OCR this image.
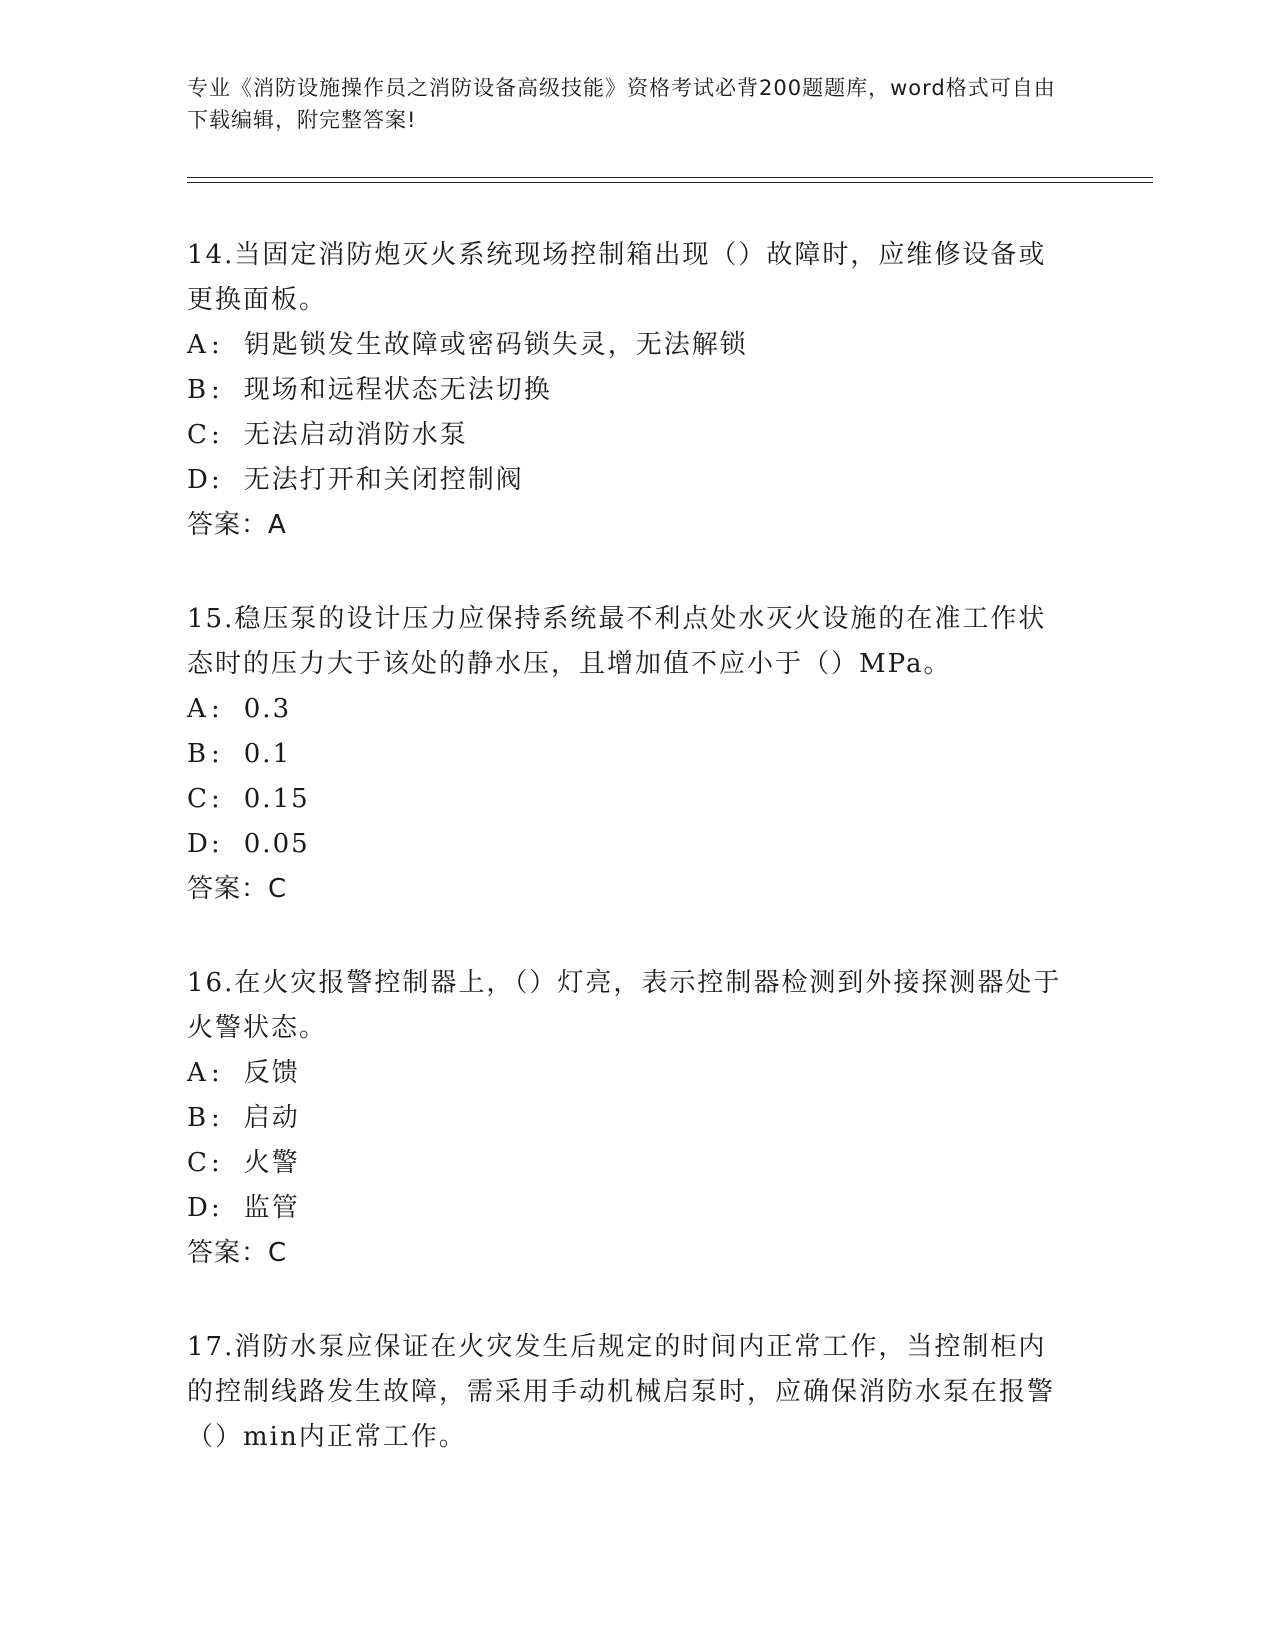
专业《消防设施操作员之消防设备高级技能》资格考试必背200题题库，word格式可自由下载编辑，附完整答案!

14.当固定消防炮灭火系统现场控制箱出现（）故障时，应维修设备或更换面板。

A : 钥匙锁发生故障或密码锁失灵，无法解锁

B : 现场和远程状态无法切换

C: 无法启动消防水泵

D: 无法打开和关闭控制阀

答案：A

15.稳压泵的设计压力应保持系统最不利点处水灭火设施的在准工作状态时的压力大于该处的静水压，且增加值不应小于（）MPa。

A : 0.3

B : 0.1

C: 0.15

D: 0.05

答案：C

16.在火灾报警控制器上，（）灯亮，表示控制器检测到外接探测器处于火警状态。

A : 反馈

B : 启动

C: 火警

D: 监管

答案：C

17.消防水泵应保证在火灾发生后规定的时间内正常工作，当控制柜内的控制线路发生故障，需采用手动机械启泵时，应确保消防水泵在报警（）min内正常工作。
